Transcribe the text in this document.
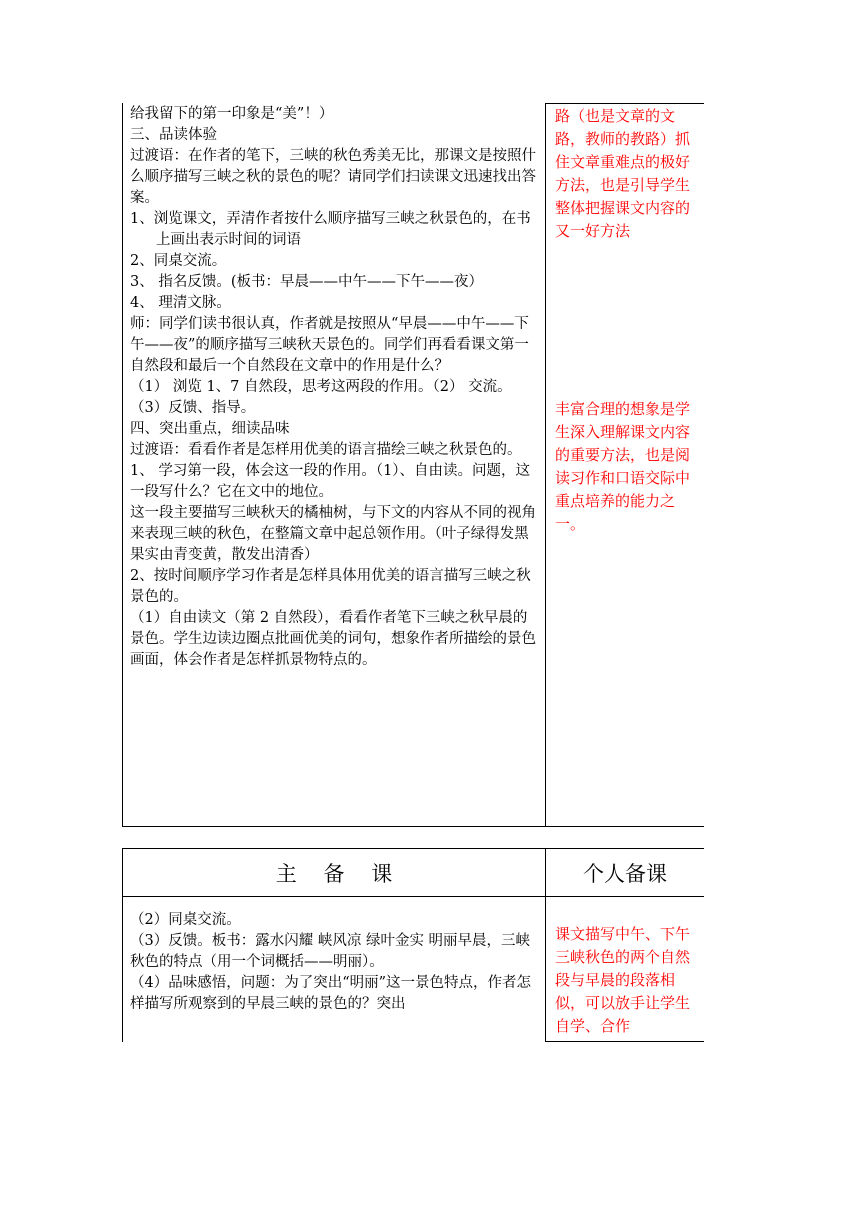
给我留下的第一印象是“美”！）
三、品读体验
过渡语：在作者的笔下，三峡的秋色秀美无比，那课文是按照什么顺序描写三峡之秋的景色的呢？请同学们扫读课文迅速找出答案。
1、浏览课文，弄清作者按什么顺序描写三峡之秋景色的，在书上画出表示时间的词语
2、同桌交流。
3、 指名反馈。(板书：早晨——中午——下午——夜）
4、 理清文脉。
师：同学们读书很认真，作者就是按照从“早晨——中午——下午——夜”的顺序描写三峡秋天景色的。同学们再看看课文第一自然段和最后一个自然段在文章中的作用是什么？
（1） 浏览 1、7 自然段，思考这两段的作用。（2） 交流。
（3）反馈、指导。
四、突出重点，细读品味
过渡语：看看作者是怎样用优美的语言描绘三峡之秋景色的。
1、 学习第一段，体会这一段的作用。（1）、自由读。问题，这一段写什么？它在文中的地位。
这一段主要描写三峡秋天的橘柚树，与下文的内容从不同的视角来表现三峡的秋色，在整篇文章中起总领作用。（叶子绿得发黑 果实由青变黄，散发出清香）
2、按时间顺序学习作者是怎样具体用优美的语言描写三峡之秋景色的。
（1）自由读文（第 2 自然段），看看作者笔下三峡之秋早晨的景色。学生边读边圈点批画优美的词句，想象作者所描绘的景色画面，体会作者是怎样抓景物特点的。
路（也是文章的文路，教师的教路）抓住文章重难点的极好方法，也是引导学生整体把握课文内容的又一好方法
丰富合理的想象是学生深入理解课文内容的重要方法，也是阅读习作和口语交际中重点培养的能力之一。
主    备    课	个人备课
（2）同桌交流。
（3）反馈。板书：露水闪耀 峡风凉 绿叶金实 明丽早晨，三峡秋色的特点（用一个词概括——明丽）。
（4）品味感悟，问题：为了突出“明丽”这一景色特点，作者怎样描写所观察到的早晨三峡的景色的？突出
课文描写中午、下午三峡秋色的两个自然段与早晨的段落相似，可以放手让学生自学、合作
